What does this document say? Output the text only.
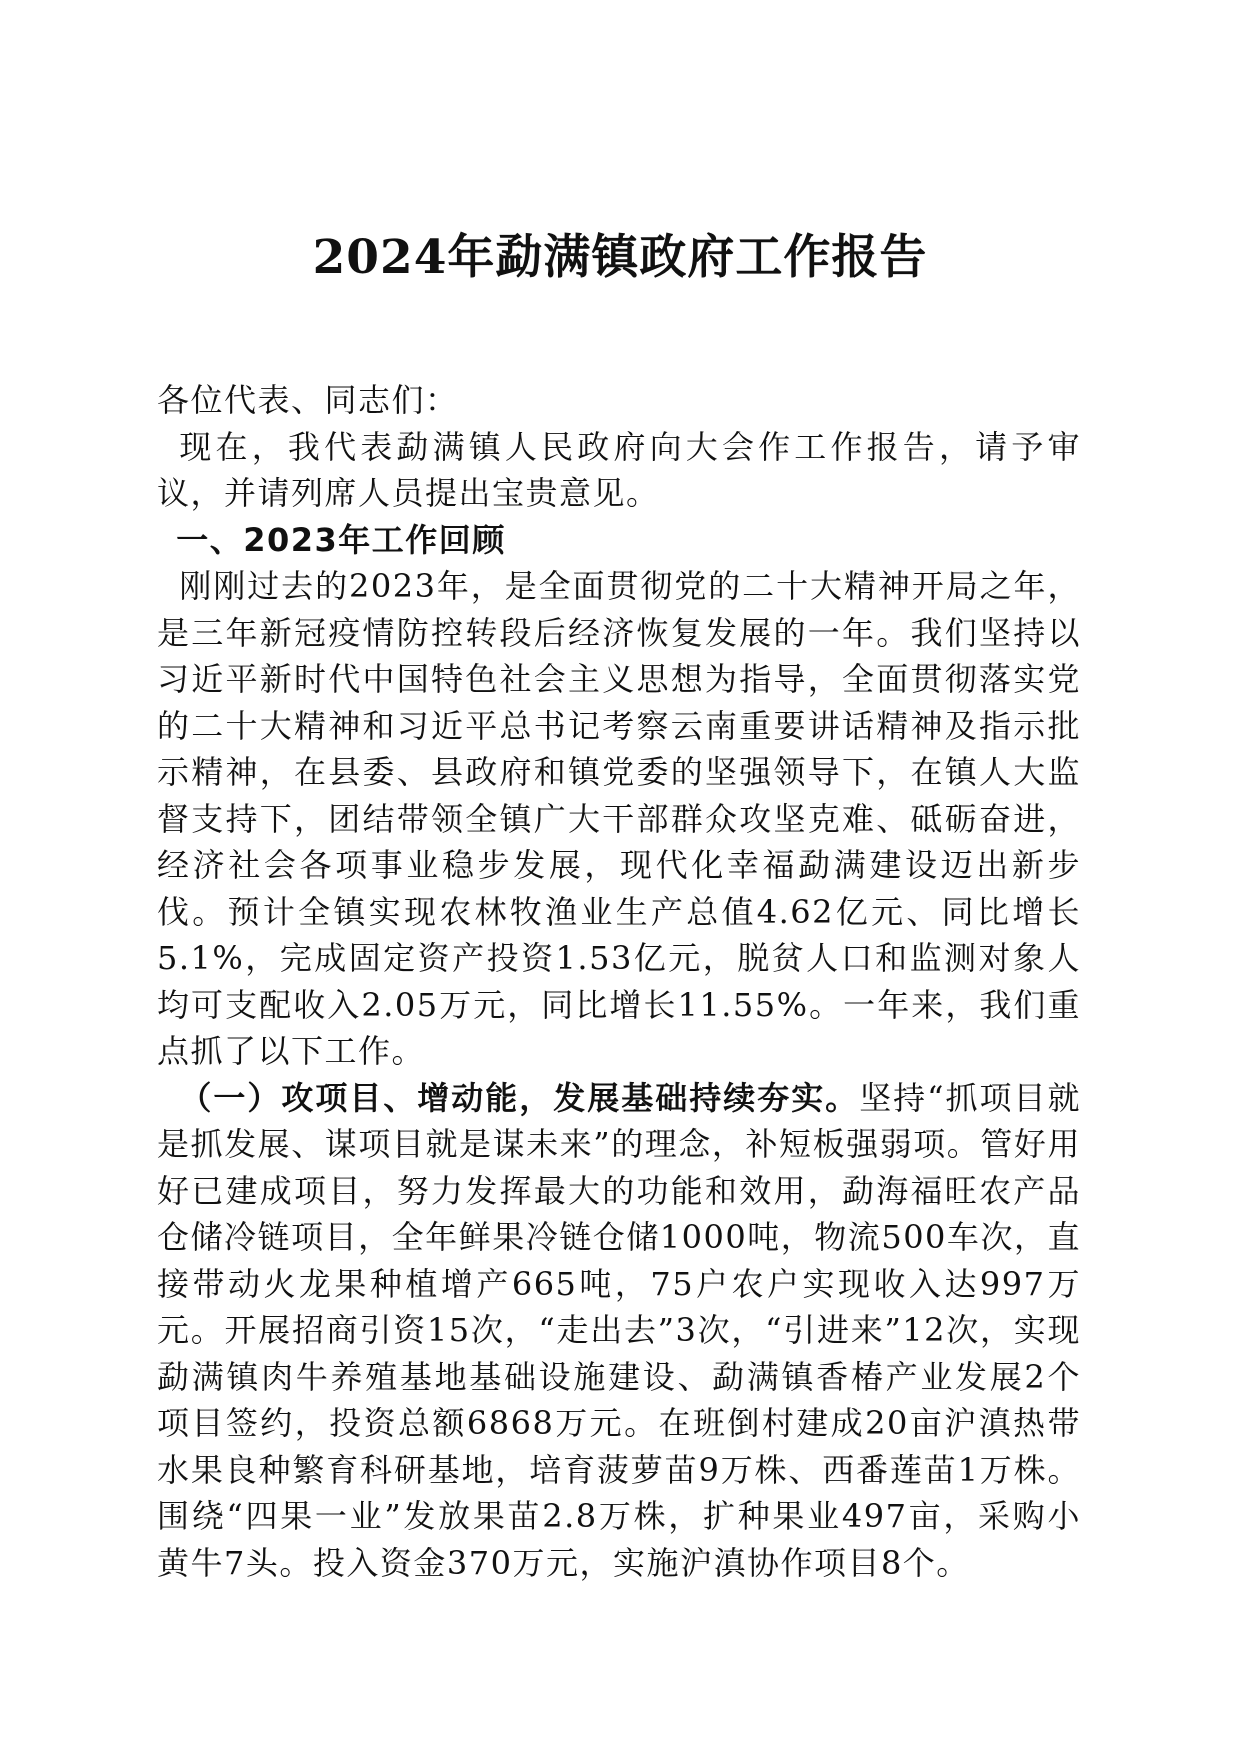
2024年勐满镇政府工作报告

各位代表、同志们：

现在，我代表勐满镇人民政府向大会作工作报告，请予审议，并请列席人员提出宝贵意见。

一、2023年工作回顾

刚刚过去的2023年，是全面贯彻党的二十大精神开局之年，是三年新冠疫情防控转段后经济恢复发展的一年。我们坚持以习近平新时代中国特色社会主义思想为指导，全面贯彻落实党的二十大精神和习近平总书记考察云南重要讲话精神及指示批示精神，在县委、县政府和镇党委的坚强领导下，在镇人大监督支持下，团结带领全镇广大干部群众攻坚克难、砥砺奋进，经济社会各项事业稳步发展，现代化幸福勐满建设迈出新步伐。预计全镇实现农林牧渔业生产总值4.62亿元、同比增长5.1%，完成固定资产投资1.53亿元，脱贫人口和监测对象人均可支配收入2.05万元，同比增长11.55%。一年来，我们重点抓了以下工作。

（一）攻项目、增动能，发展基础持续夯实。坚持“抓项目就是抓发展、谋项目就是谋未来”的理念，补短板强弱项。管好用好已建成项目，努力发挥最大的功能和效用，勐海福旺农产品仓储冷链项目，全年鲜果冷链仓储1000吨，物流500车次，直接带动火龙果种植增产665吨，75户农户实现收入达997万元。开展招商引资15次，“走出去”3次，“引进来”12次，实现勐满镇肉牛养殖基地基础设施建设、勐满镇香椿产业发展2个项目签约，投资总额6868万元。在班倒村建成20亩沪滇热带水果良种繁育科研基地，培育菠萝苗9万株、西番莲苗1万株。围绕“四果一业”发放果苗2.8万株，扩种果业497亩，采购小黄牛7头。投入资金370万元，实施沪滇协作项目8个。
